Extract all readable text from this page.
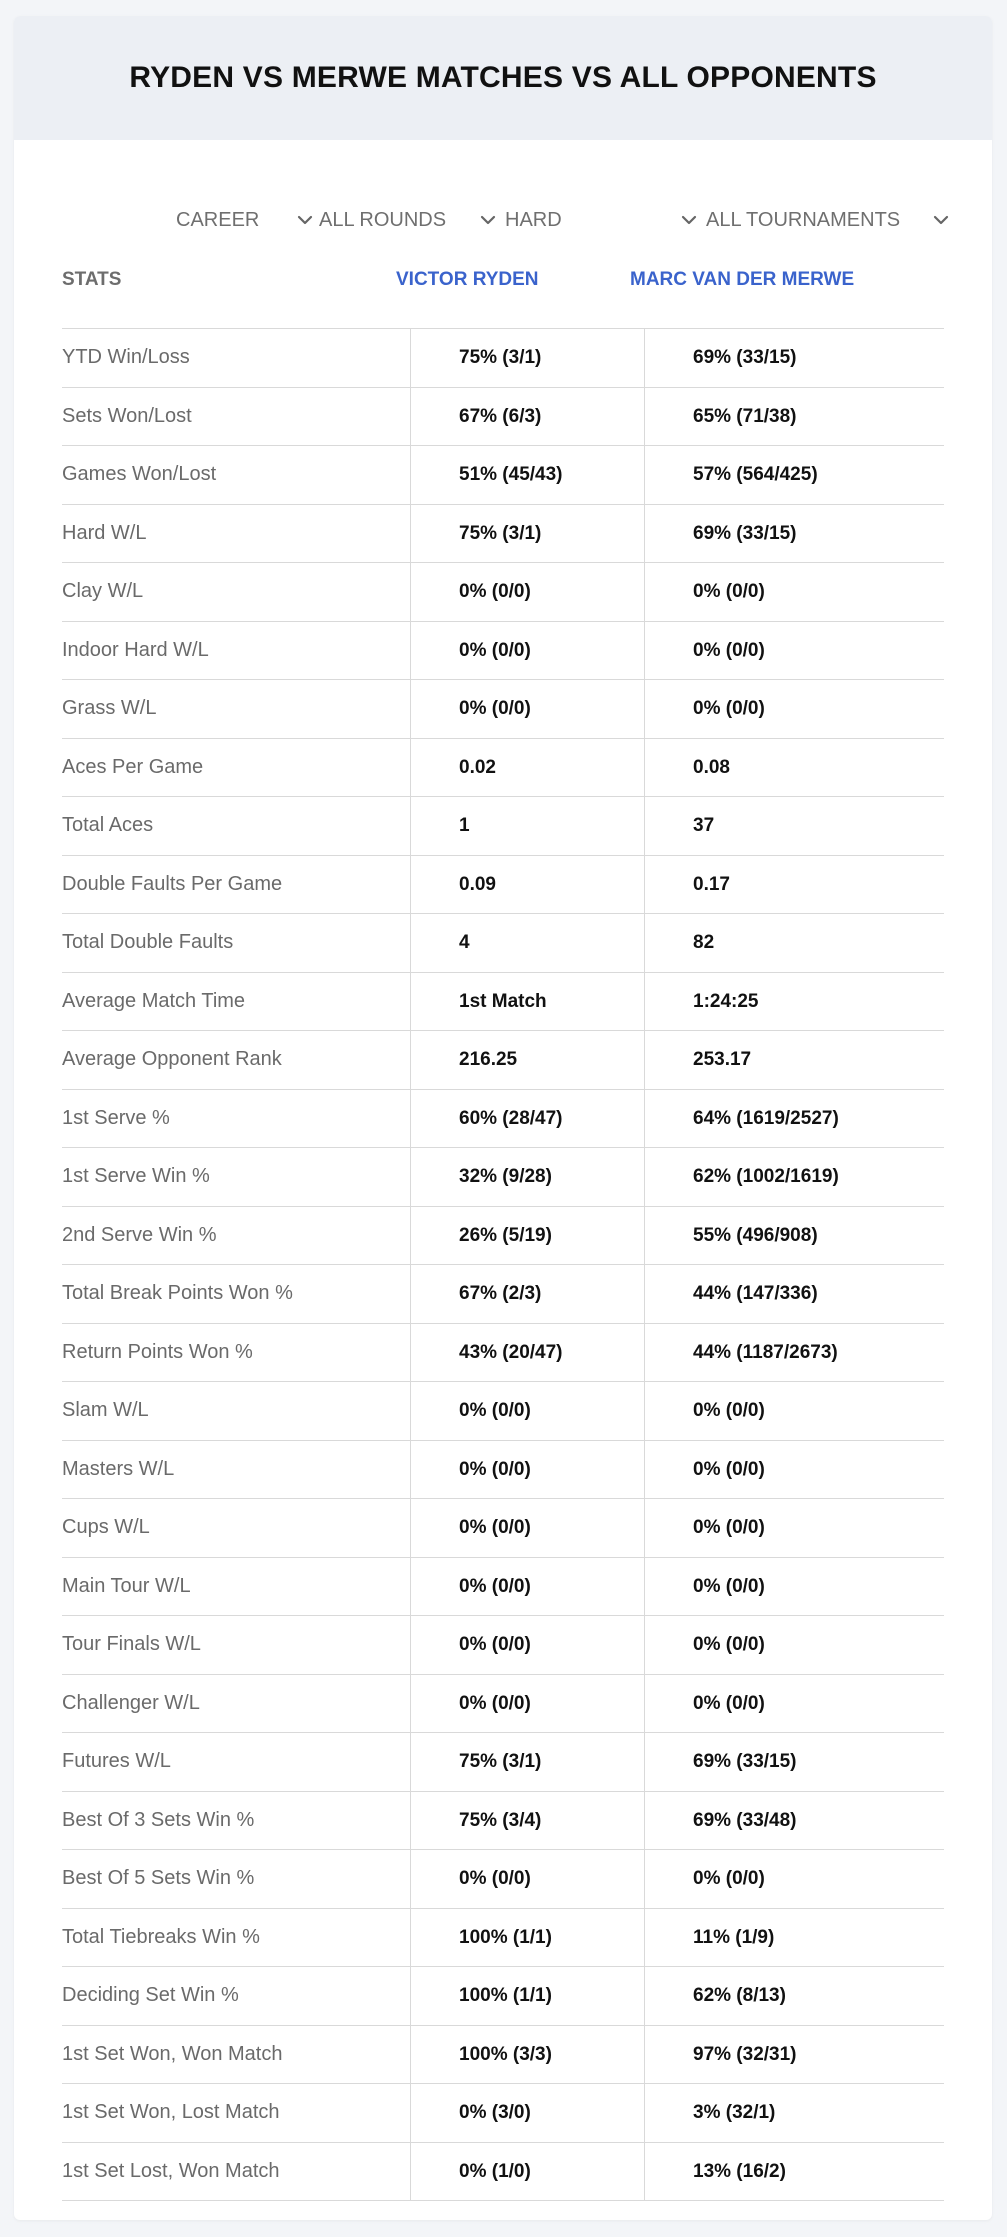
RYDEN VS MERWE MATCHES VS ALL OPPONENTS
CAREER	ALL ROUNDS	HARD	ALL TOURNAMENTS
STATS	VICTOR RYDEN	MARC VAN DER MERWE
YTD Win/Loss	75% (3/1)	69% (33/15)
Sets Won/Lost	67% (6/3)	65% (71/38)
Games Won/Lost	51% (45/43)	57% (564/425)
Hard W/L	75% (3/1)	69% (33/15)
Clay W/L	0% (0/0)	0% (0/0)
Indoor Hard W/L	0% (0/0)	0% (0/0)
Grass W/L	0% (0/0)	0% (0/0)
Aces Per Game	0.02	0.08
Total Aces	1	37
Double Faults Per Game	0.09	0.17
Total Double Faults	4	82
Average Match Time	1st Match	1:24:25
Average Opponent Rank	216.25	253.17
1st Serve %	60% (28/47)	64% (1619/2527)
1st Serve Win %	32% (9/28)	62% (1002/1619)
2nd Serve Win %	26% (5/19)	55% (496/908)
Total Break Points Won %	67% (2/3)	44% (147/336)
Return Points Won %	43% (20/47)	44% (1187/2673)
Slam W/L	0% (0/0)	0% (0/0)
Masters W/L	0% (0/0)	0% (0/0)
Cups W/L	0% (0/0)	0% (0/0)
Main Tour W/L	0% (0/0)	0% (0/0)
Tour Finals W/L	0% (0/0)	0% (0/0)
Challenger W/L	0% (0/0)	0% (0/0)
Futures W/L	75% (3/1)	69% (33/15)
Best Of 3 Sets Win %	75% (3/4)	69% (33/48)
Best Of 5 Sets Win %	0% (0/0)	0% (0/0)
Total Tiebreaks Win %	100% (1/1)	11% (1/9)
Deciding Set Win %	100% (1/1)	62% (8/13)
1st Set Won, Won Match	100% (3/3)	97% (32/31)
1st Set Won, Lost Match	0% (3/0)	3% (32/1)
1st Set Lost, Won Match	0% (1/0)	13% (16/2)
